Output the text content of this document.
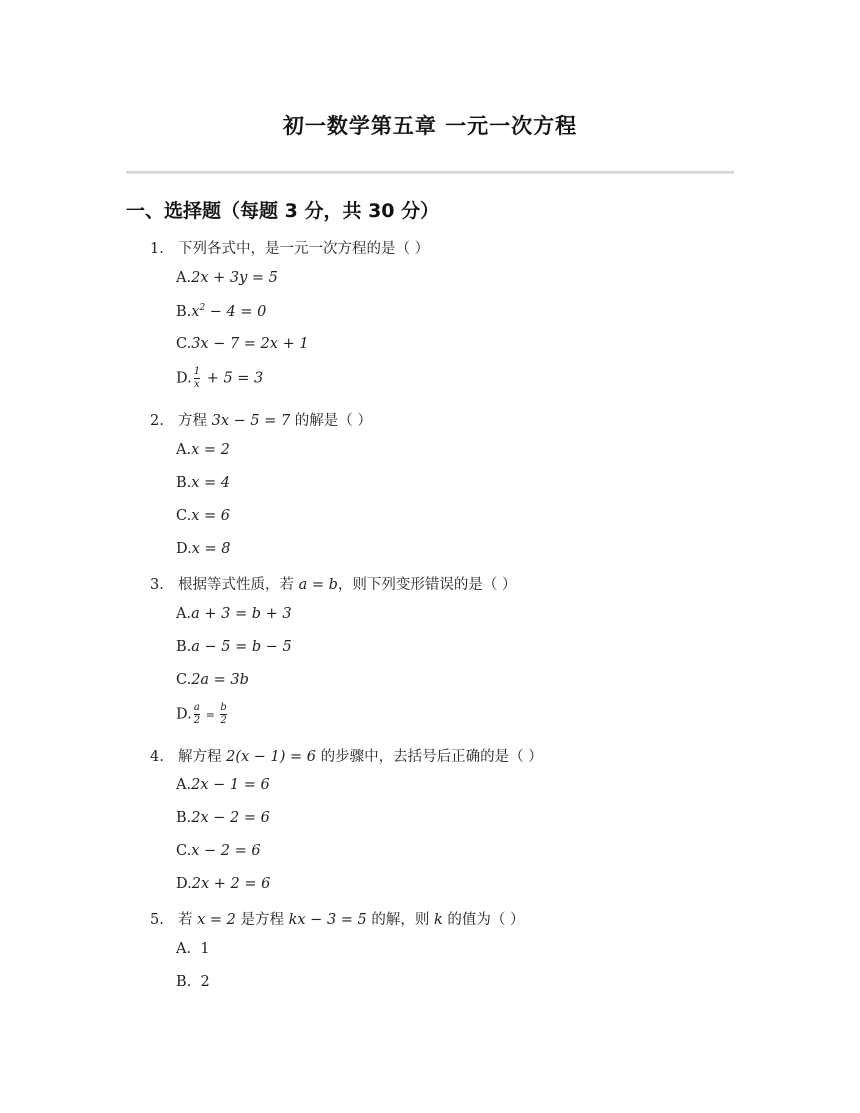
初一数学第五章 一元一次方程
一、选择题（每题 3 分，共 30 分）
1. 下列各式中，是一元一次方程的是（ ）
A.2x + 3y = 5
$B.x^2 - 4 = 0$
C.3x − 7 = 2x + 1
D. $\frac{1}{x} + 5 = 3$
2. 方程 3x − 5 = 7 的解是（ ）
A.x = 2
B.x = 4
C.x = 6
D.x = 8
3. 根据等式性质，若 a = b，则下列变形错误的是（ ）
A.a + 3 = b + 3
B.a − 5 = b − 5
C.2a = 3b
D. $\frac{a}{2} = \frac{b}{2}$
4. 解方程 2(x − 1) = 6 的步骤中，去括号后正确的是（ ）
A.2x − 1 = 6
B.2x − 2 = 6
C.x − 2 = 6
D.2x + 2 = 6
5. 若 x = 2 是方程 kx − 3 = 5 的解，则 k 的值为（ ）
A. 1
B. 2
